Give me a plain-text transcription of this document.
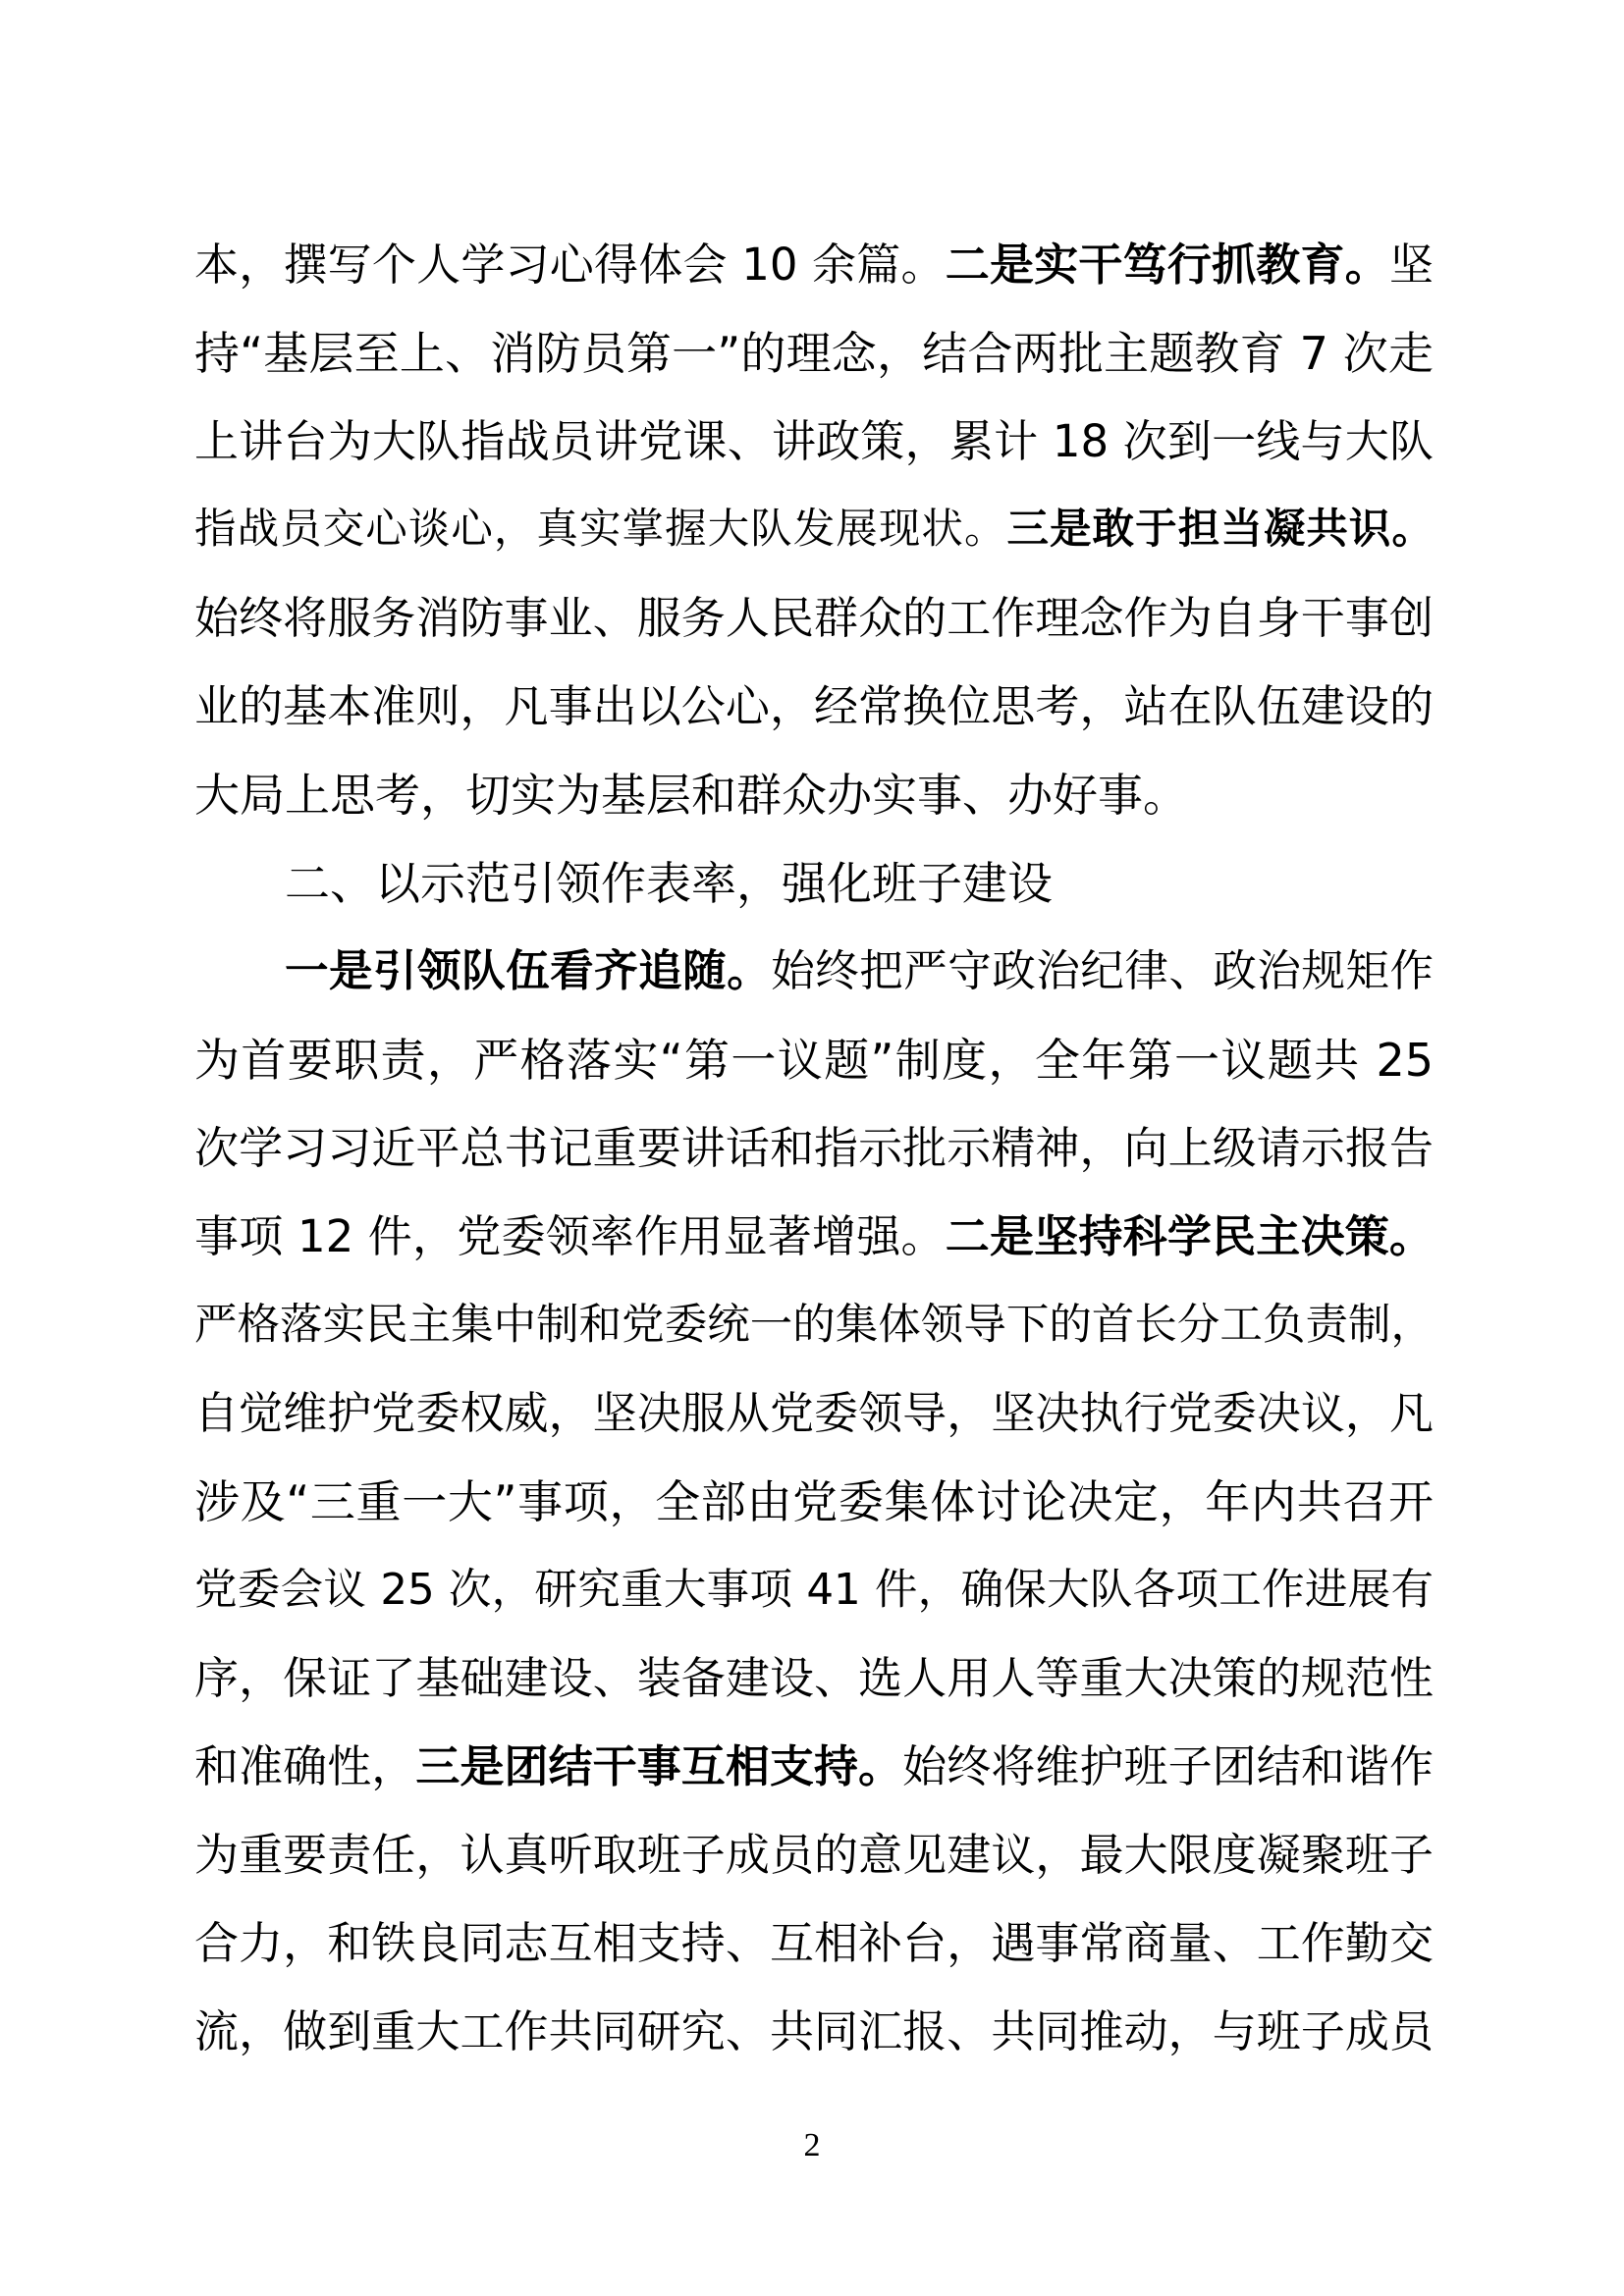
本，撰写个人学习心得体会 10 余篇。二是实干笃行抓教育。坚
持“基层至上、消防员第一”的理念，结合两批主题教育 7 次走
上讲台为大队指战员讲党课、讲政策，累计 18 次到一线与大队
指战员交心谈心，真实掌握大队发展现状。三是敢于担当凝共识。
始终将服务消防事业、服务人民群众的工作理念作为自身干事创
业的基本准则，凡事出以公心，经常换位思考，站在队伍建设的
大局上思考，切实为基层和群众办实事、办好事。
二、以示范引领作表率，强化班子建设
一是引领队伍看齐追随。始终把严守政治纪律、政治规矩作
为首要职责，严格落实“第一议题”制度，全年第一议题共 25
次学习习近平总书记重要讲话和指示批示精神，向上级请示报告
事项 12 件，党委领率作用显著增强。二是坚持科学民主决策。
严格落实民主集中制和党委统一的集体领导下的首长分工负责制，
自觉维护党委权威，坚决服从党委领导，坚决执行党委决议，凡
涉及“三重一大”事项，全部由党委集体讨论决定，年内共召开
党委会议 25 次，研究重大事项 41 件，确保大队各项工作进展有
序，保证了基础建设、装备建设、选人用人等重大决策的规范性
和准确性，三是团结干事互相支持。始终将维护班子团结和谐作
为重要责任，认真听取班子成员的意见建议，最大限度凝聚班子
合力，和铁良同志互相支持、互相补台，遇事常商量、工作勤交
流，做到重大工作共同研究、共同汇报、共同推动，与班子成员
2
